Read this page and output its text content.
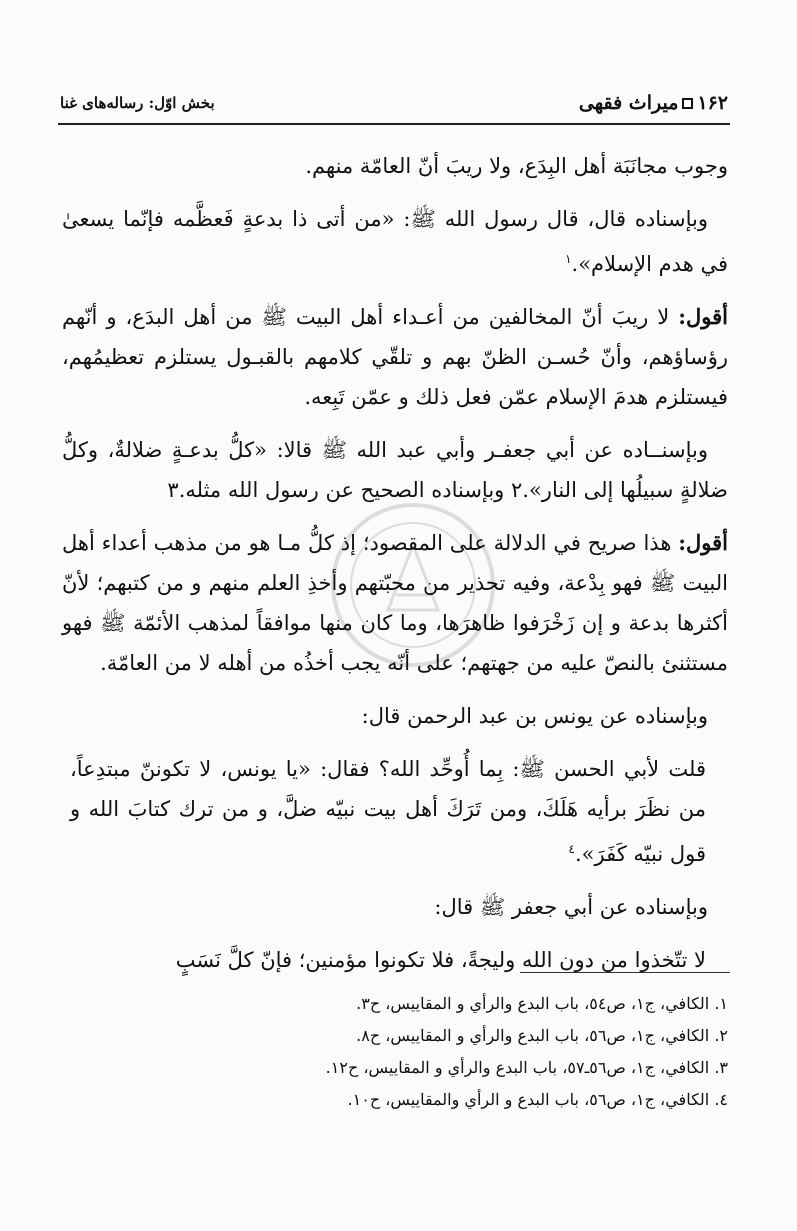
١۶٢
میراث فقهی
بخش اوّل: رسالەهای غنا

وجوب مجانَبَة أهل البِدَع، ولا ريبَ أنّ العامّة منهم.

وبإسناده قال، قال رسول الله ﷺ: «من أتى ذا بدعةٍ فَعظَّمه فإنّما يسعىٰ في هدم الإسلام».$^١$

أقول: لا ريبَ أنّ المخالفين من أعـداء أهل البيت ﷺ من أهل البدَع، و أنّهم رؤساؤهم، وأنّ حُسـن الظنّ بهم و تلقّي كلامهم بالقبـول يستلزم تعظيمُهم، فيستلزم هدمَ الإسلام عمّن فعل ذلك و عمّن تَبِعه.

وبإسنــاده عن أبي جعفـر وأبي عبد الله ﷺ قالا: «كلُّ بدعـةٍ ضلالةٌ، وكلُّ ضلالةٍ سبيلُها إلى النار».٢ وبإسناده الصحيح عن رسول الله مثله.٣

أقول: هذا صريح في الدلالة على المقصود؛ إذ كلُّ مـا هو من مذهب أعداء أهل البيت ﷺ فهو بِدْعة، وفيه تحذير من محبّتهم وأخذِ العلم منهم و من كتبهم؛ لأنّ أكثرها بدعة و إن زَخْرَفوا ظاهرَها، وما كان منها موافقاً لمذهب الأئمّة ﷺ فهو مستثنئ بالنصّ عليه من جهتهم؛ على أنّه يجب أخذُه من أهله لا من العامّة.

وبإسناده عن يونس بن عبد الرحمن قال:

قلت لأبي الحسن ﷺ: بِما أُوحِّد الله؟ فقال: «يا يونس، لا تكوننّ مبتدِعاً، من نظَرَ برأيه هَلَكَ، ومن تَرَكَ أهل بيت نبيّه ضلَّ، و من ترك كتابَ الله و قول نبيّه كَفَرَ».$^٤$

وبإسناده عن أبي جعفر ﷺ قال:

لا تتّخذوا من دون الله وليجةً، فلا تكونوا مؤمنين؛ فإنّ كلَّ نَسَبٍ

١. الكافي، ج١، ص٥٤، باب البدع والرأي و المقاييس، ح٣.
٢. الكافي، ج١، ص٥٦، باب البدع والرأي و المقاييس، ح٨.
٣. الكافي، ج١، ص٥٦ـ٥٧، باب البدع والرأي و المقاييس، ح١٢.
٤. الكافي، ج١، ص٥٦، باب البدع و الرأي والمقاييس، ح١٠.
